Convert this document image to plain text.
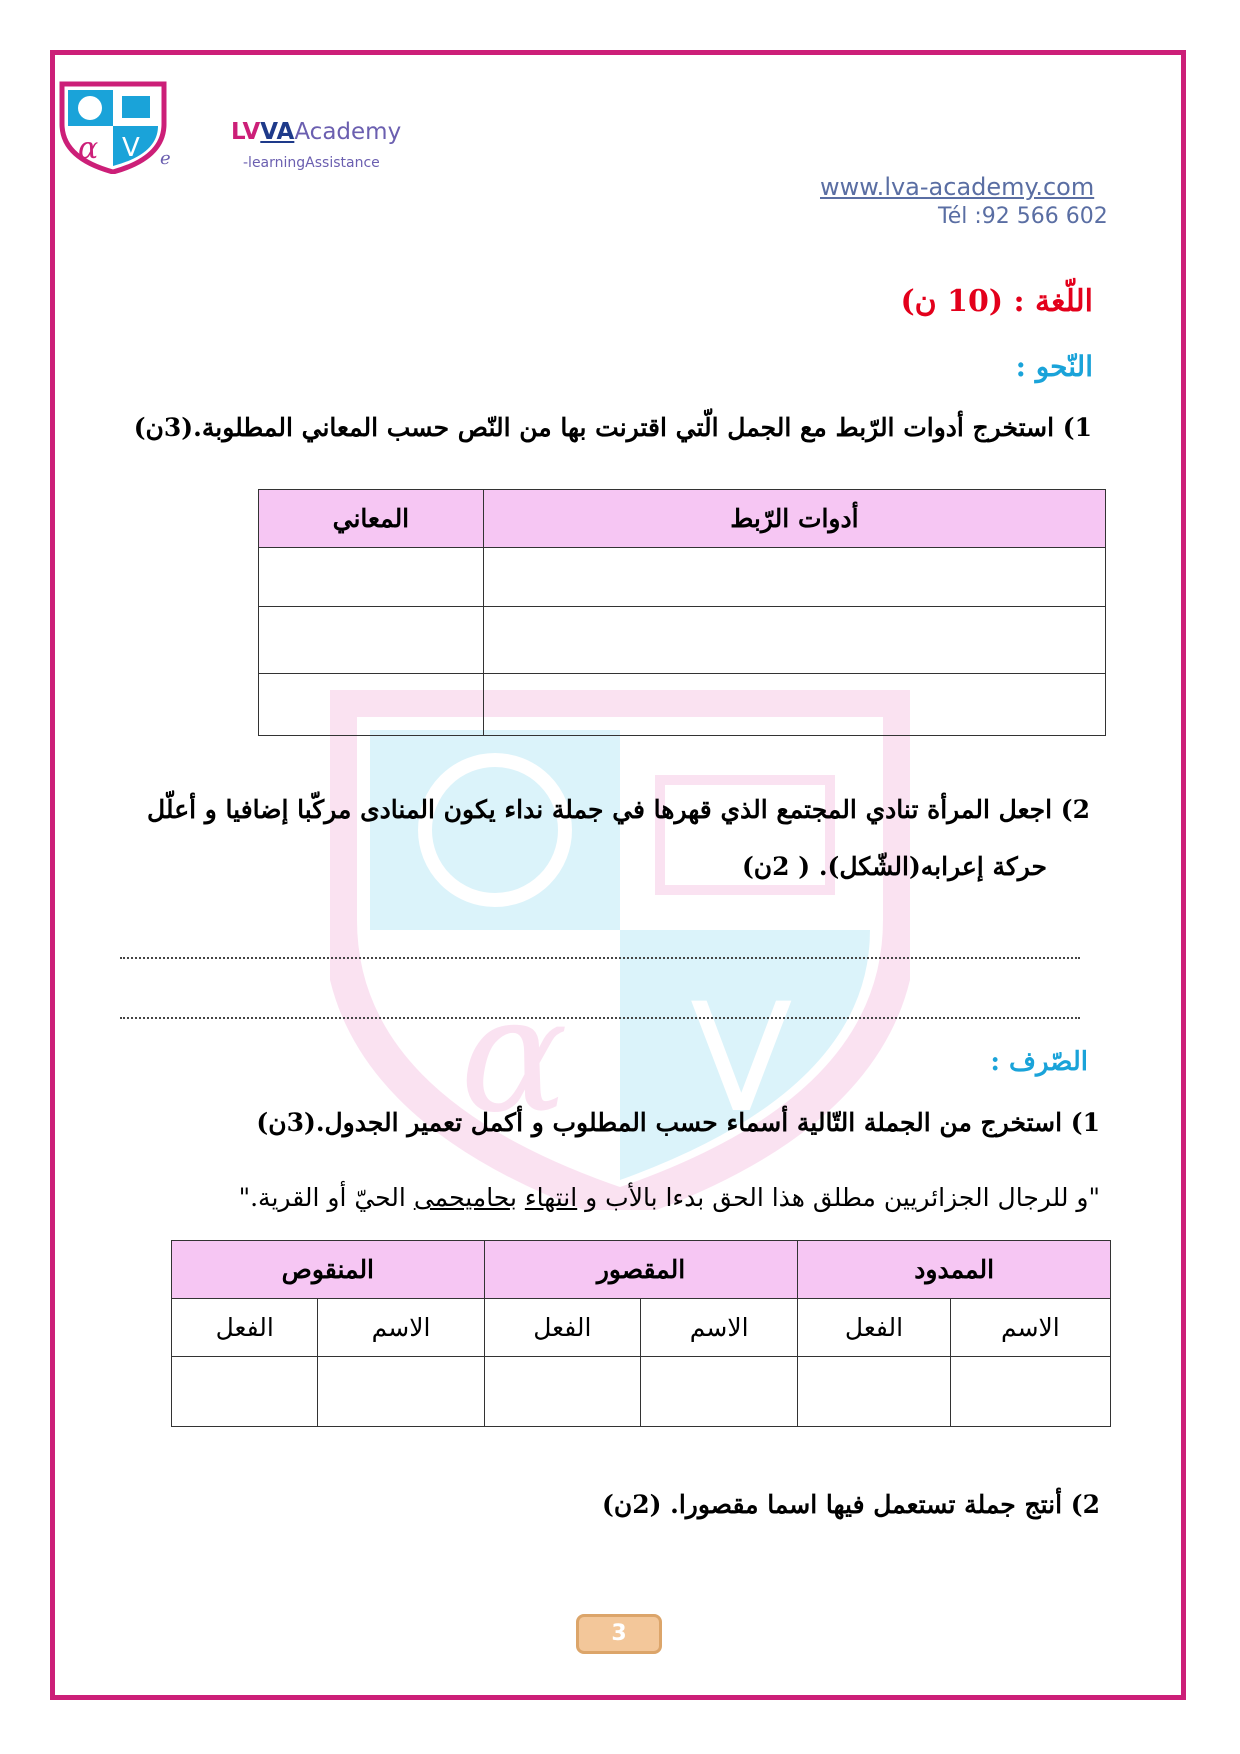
α V
α V e
LVVAAcademy
-learningAssistance
www.lva-academy.com
Tél :92 566 602
اللّغة : (10 ن)
النّحو :
1) استخرج أدوات الرّبط مع الجمل الّتي اقترنت بها من النّص حسب المعاني المطلوبة.(3ن)
أدوات الرّبط	المعاني

2) اجعل المرأة تنادي المجتمع الذي قهرها في جملة نداء يكون المنادى مركّبا إضافيا و أعلّل
حركة إعرابه(الشّكل). ( 2ن)
الصّرف :
1) استخرج من الجملة التّالية أسماء حسب المطلوب و أكمل تعمير الجدول.(3ن)
"و للرجال الجزائريين مطلق هذا الحق بدءا بالأب و انتهاء بحاميحمى الحيّ أو القرية."
الممدود		المقصور		المنقوص	
الاسم	الفعل	الاسم	الفعل	الاسم	الفعل

2) أنتج جملة تستعمل فيها اسما مقصورا. (2ن)
3
